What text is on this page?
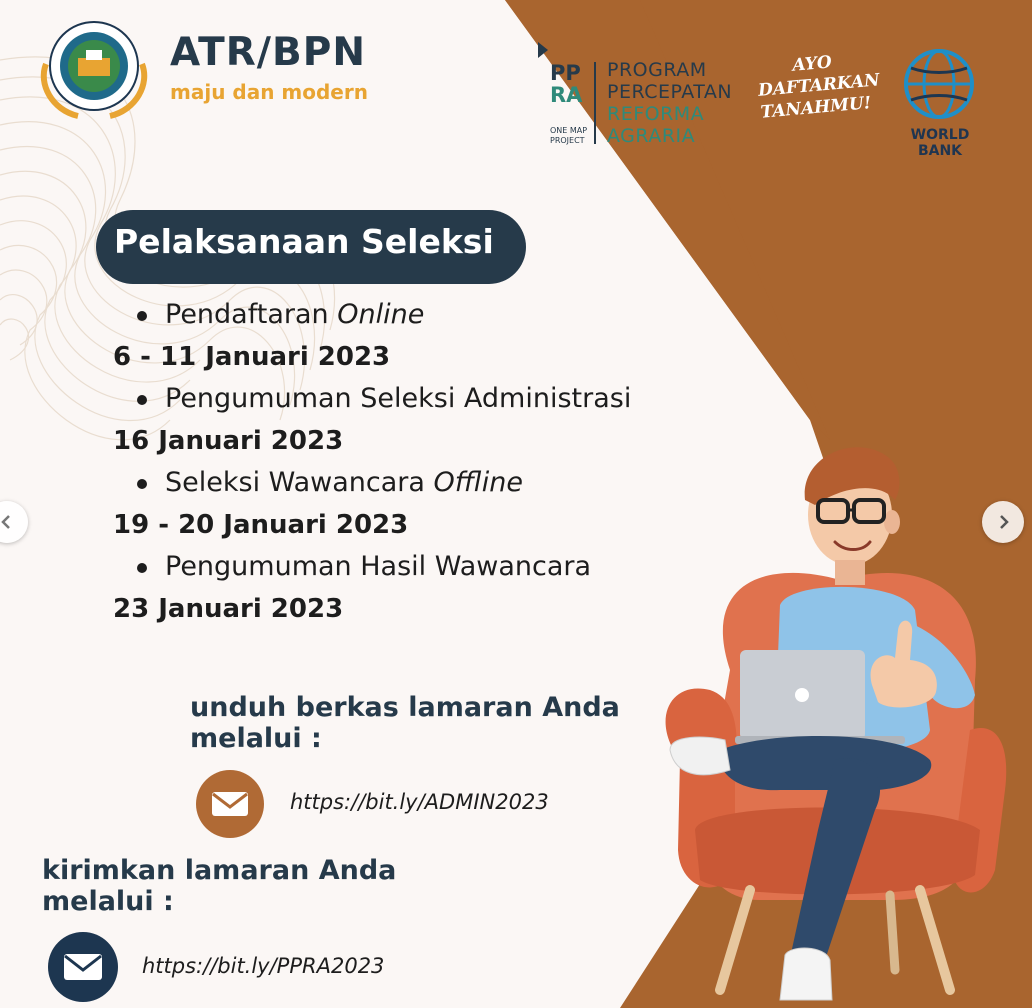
ATR/BPN
maju dan modern
PP
RA
ONE MAP
PROJECT
PROGRAM
PERCEPATAN
REFORMA
AGRARIA
AYO
DAFTARKAN
TANAHMU!
WORLD BANK
Pelaksanaan Seleksi
Pendaftaran Online
6 - 11 Januari 2023
Pengumuman Seleksi Administrasi
16 Januari 2023
Seleksi Wawancara Offline
19 - 20 Januari 2023
Pengumuman Hasil Wawancara
23 Januari 2023
unduh berkas lamaran Anda
melalui :
https://bit.ly/ADMIN2023
kirimkan lamaran Anda
melalui :
https://bit.ly/PPRA2023
